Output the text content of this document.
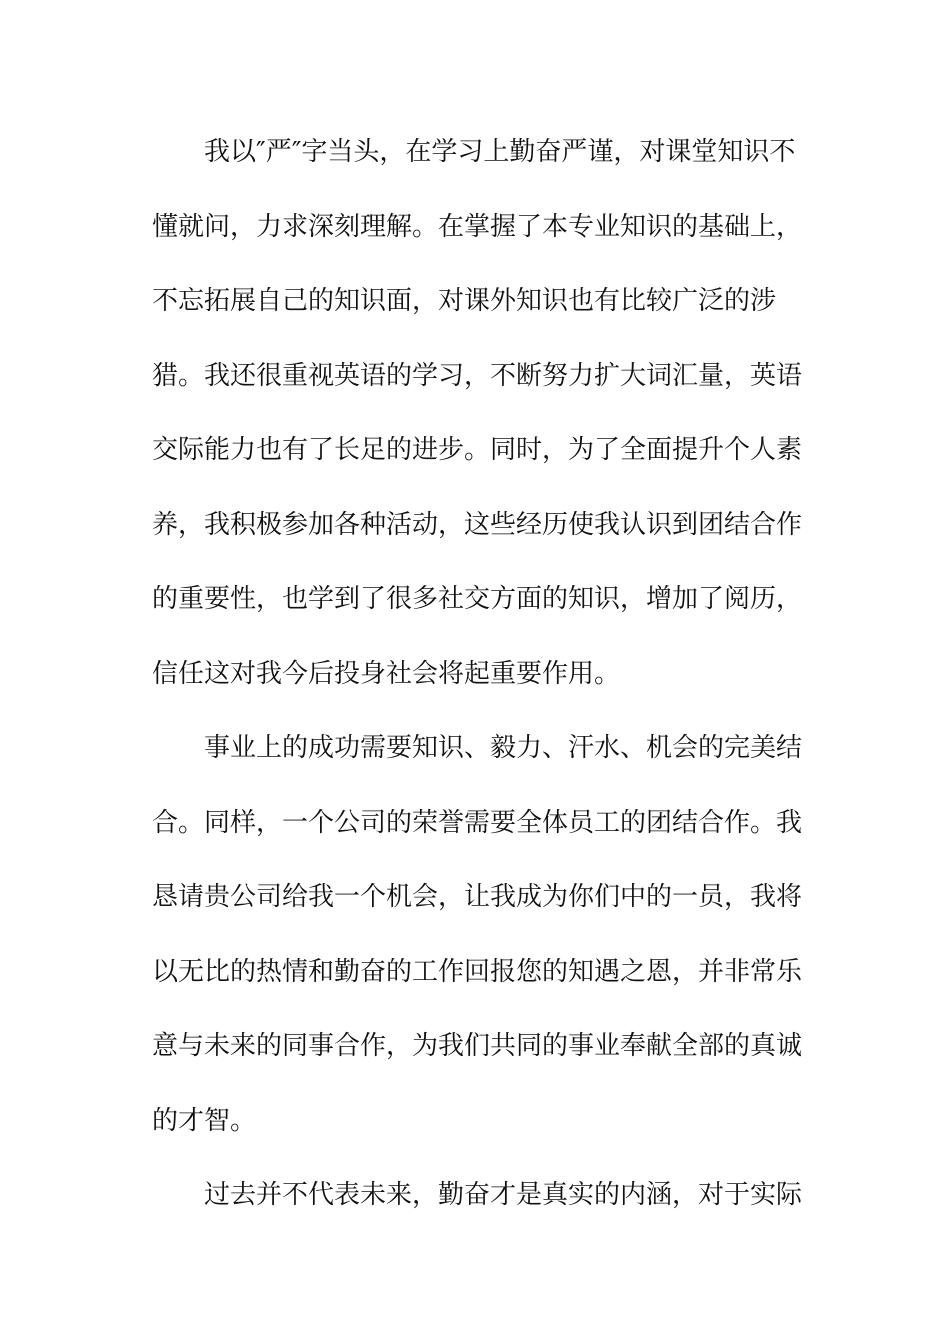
我以″严″字当头，在学习上勤奋严谨，对课堂知识不
懂就问，力求深刻理解。在掌握了本专业知识的基础上，
不忘拓展自己的知识面，对课外知识也有比较广泛的涉
猎。我还很重视英语的学习，不断努力扩大词汇量，英语
交际能力也有了长足的进步。同时，为了全面提升个人素
养，我积极参加各种活动，这些经历使我认识到团结合作
的重要性，也学到了很多社交方面的知识，增加了阅历，
信任这对我今后投身社会将起重要作用。
事业上的成功需要知识、毅力、汗水、机会的完美结
合。同样，一个公司的荣誉需要全体员工的团结合作。我
恳请贵公司给我一个机会，让我成为你们中的一员，我将
以无比的热情和勤奋的工作回报您的知遇之恩，并非常乐
意与未来的同事合作，为我们共同的事业奉献全部的真诚
的才智。
过去并不代表未来，勤奋才是真实的内涵，对于实际
